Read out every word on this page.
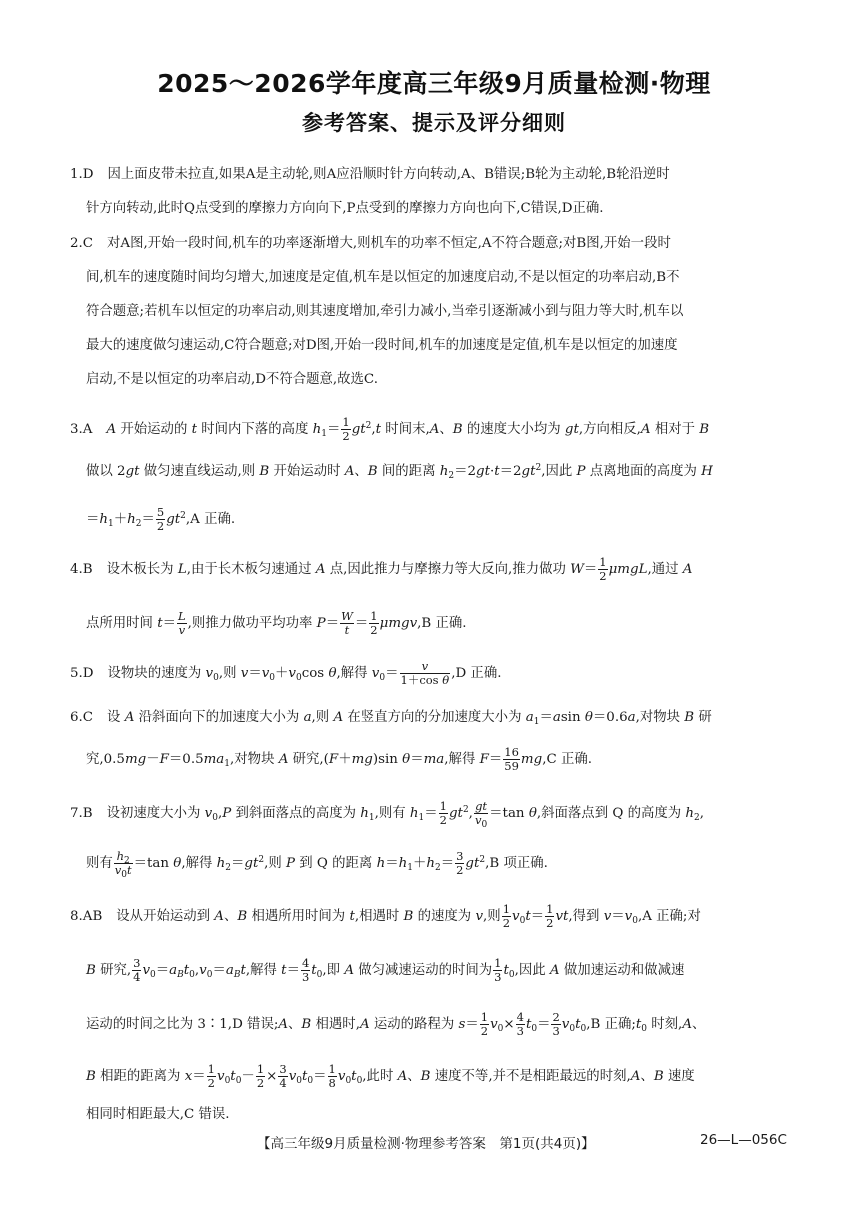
2025～2026学年度高三年级9月质量检测·物理
参考答案、提示及评分细则
1.D 因上面皮带未拉直,如果A是主动轮,则A应沿顺时针方向转动,A、B错误;B轮为主动轮,B轮沿逆时
针方向转动,此时Q点受到的摩擦力方向向下,P点受到的摩擦力方向也向下,C错误,D正确.
2.C 对A图,开始一段时间,机车的功率逐渐增大,则机车的功率不恒定,A不符合题意;对B图,开始一段时
间,机车的速度随时间均匀增大,加速度是定值,机车是以恒定的加速度启动,不是以恒定的功率启动,B不
符合题意;若机车以恒定的功率启动,则其速度增加,牵引力减小,当牵引逐渐减小到与阻力等大时,机车以
最大的速度做匀速运动,C符合题意;对D图,开始一段时间,机车的加速度是定值,机车是以恒定的加速度
启动,不是以恒定的功率启动,D不符合题意,故选C.
3.A A 开始运动的 t 时间内下落的高度 $h_1= \frac{1}{2} gt^2,t$ 时间末,A、B 的速度大小均为 gt,方向相反,A 相对于 B
做以 2gt 做匀速直线运动,则 B 开始运动时 A、B 间的距离 $h_2=2gt\cdot t=2gt^2$,因此 P 点离地面的高度为 H
$=h_1+h_2= \frac{5}{2} gt^2,A$ 正确.
4.B 设木板长为 L,由于长木板匀速通过 A 点,因此推力与摩擦力等大反向,推力做功 $W= \frac{1}{2} \mu mgL$,通过 A
点所用时间 $t= \frac{L}{v}$ ,则推力做功平均功率 $P= \frac{W}{t} = \frac{1}{2} \mu mgv,B$ 正确.
5.D 设物块的速度为 $v_0$,则 $v=v_0+v_0\cos$ θ,解得 $v_0= \frac{v}{\text{1＋cos θ}} ,D$ 正确.
6.C 设 A 沿斜面向下的加速度大小为 a,则 A 在竖直方向的分加速度大小为 $a_1=asin$ θ＝0.6a,对物块 B 研
究$,0.5mg-F=0.5ma_1$,对物块 A 研究,(F＋mg)sin θ＝ma,解得 $F= \frac{16}{59} mg,C$ 正确.
7.B 设初速度大小为 $v_0,P$ 到斜面落点的高度为 $h_1$,则有 $h_1= \frac{1}{2} gt^2$, $\frac{gt}{v_0} =\tan$ θ,斜面落点到 Q 的高度为 $h_2$,
则有 $\frac{h_2}{v_0t} =\tan$ θ,解得 $h_2=gt^2$,则 P 到 Q 的距离 $h=h_1+h_2= \frac{3}{2} gt^2,B$ 项正确.
8.AB 设从开始运动到 A、B 相遇所用时间为 t,相遇时 B 的速度为 v,则 $\frac{1}{2} v_0t= \frac{1}{2}$ vt,得到 $v=v_0,A$ 正确;对
B 研究, $\frac{3}{4} v_0=a_Bt_0,v_0=a_Bt$,解得 $t= \frac{4}{3} t_0$,即 A 做匀减速运动的时间为 $\frac{1}{3} t_0$,因此 A 做加速运动和做减速
运动的时间之比为 3∶1,D 错误;A、B 相遇时,A 运动的路程为 $s= \frac{1}{2} v_0\times \frac{4}{3} t_0= \frac{2}{3} v_0t_0,B$ 正确$;t_0$ 时刻,A、
B 相距的距离为 $x= \frac{1}{2} v_0t_0- \frac{1}{2} \times \frac{3}{4} v_0t_0= \frac{1}{8} v_0t_0$,此时 A、B 速度不等,并不是相距最远的时刻,A、B 速度
相同时相距最大,C 错误.
【高三年级9月质量检测·物理参考答案　第1页(共4页)】	26—L—056C
